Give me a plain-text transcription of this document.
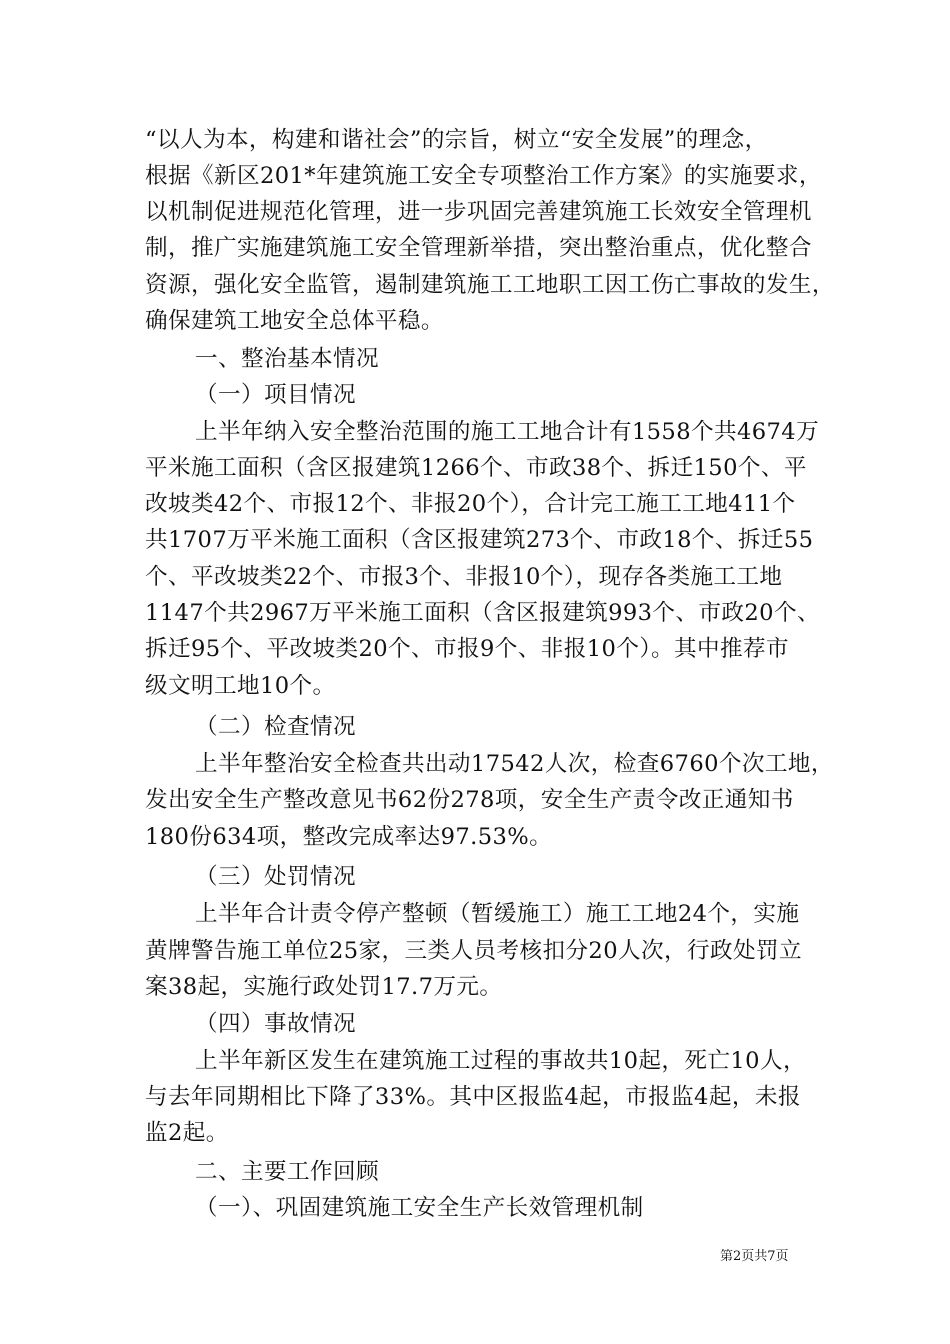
“以人为本，构建和谐社会”的宗旨，树立“安全发展”的理念，
根据《新区201*年建筑施工安全专项整治工作方案》的实施要求，
以机制促进规范化管理，进一步巩固完善建筑施工长效安全管理机
制，推广实施建筑施工安全管理新举措，突出整治重点，优化整合
资源，强化安全监管，遏制建筑施工工地职工因工伤亡事故的发生，
确保建筑工地安全总体平稳。
一、整治基本情况
（一）项目情况
上半年纳入安全整治范围的施工工地合计有1558个共4674万
平米施工面积（含区报建筑1266个、市政38个、拆迁150个、平
改坡类42个、市报12个、非报20个），合计完工施工工地411个
共1707万平米施工面积（含区报建筑273个、市政18个、拆迁55
个、平改坡类22个、市报3个、非报10个），现存各类施工工地
1147个共2967万平米施工面积（含区报建筑993个、市政20个、
拆迁95个、平改坡类20个、市报9个、非报10个）。其中推荐市
级文明工地10个。
（二）检查情况
上半年整治安全检查共出动17542人次，检查6760个次工地，
发出安全生产整改意见书62份278项，安全生产责令改正通知书
180份634项，整改完成率达97.53%。
（三）处罚情况
上半年合计责令停产整顿（暂缓施工）施工工地24个，实施
黄牌警告施工单位25家，三类人员考核扣分20人次，行政处罚立
案38起，实施行政处罚17.7万元。
（四）事故情况
上半年新区发生在建筑施工过程的事故共10起，死亡10人，
与去年同期相比下降了33%。其中区报监4起，市报监4起，未报
监2起。
二、主要工作回顾
（一）、巩固建筑施工安全生产长效管理机制
第2页共7页
